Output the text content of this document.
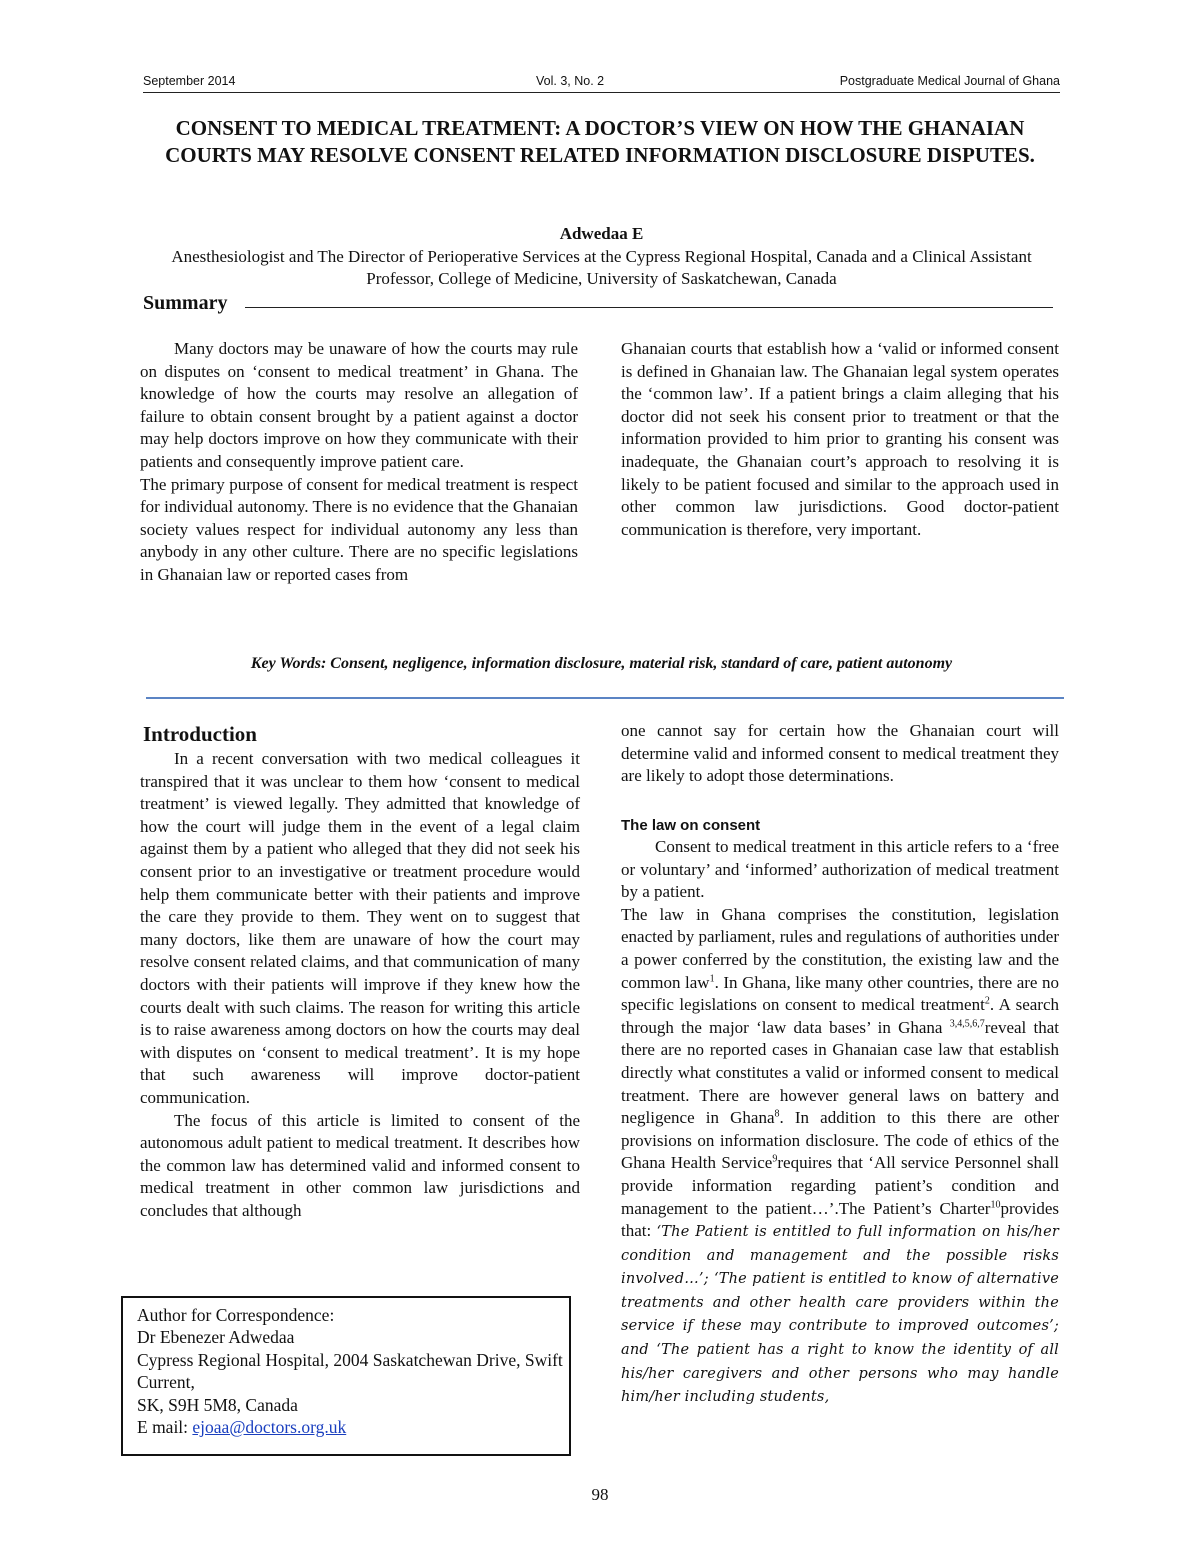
September 2014	Vol. 3, No. 2	Postgraduate Medical Journal of Ghana
CONSENT TO MEDICAL TREATMENT: A DOCTOR’S VIEW ON HOW THE GHANAIAN COURTS MAY RESOLVE CONSENT RELATED INFORMATION DISCLOSURE DISPUTES.
Adwedaa E
Anesthesiologist and The Director of Perioperative Services at the Cypress Regional Hospital, Canada and a Clinical Assistant Professor, College of Medicine, University of Saskatchewan, Canada
Summary

Many doctors may be unaware of how the courts may rule on disputes on ‘consent to medical treatment’ in Ghana. The knowledge of how the courts may resolve an allegation of failure to obtain consent brought by a patient against a doctor may help doctors improve on how they communicate with their patients and consequently improve patient care.

The primary purpose of consent for medical treatment is respect for individual autonomy. There is no evidence that the Ghanaian society values respect for individual autonomy any less than anybody in any other culture. There are no specific legislations in Ghanaian law or reported cases from

Ghanaian courts that establish how a ‘valid or informed consent is defined in Ghanaian law. The Ghanaian legal system operates the ‘common law’. If a patient brings a claim alleging that his doctor did not seek his consent prior to treatment or that the information provided to him prior to granting his consent was inadequate, the Ghanaian court’s approach to resolving it is likely to be patient focused and similar to the approach used in other common law jurisdictions. Good doctor-patient communication is therefore, very important.

Key Words: Consent, negligence, information disclosure, material risk, standard of care, patient autonomy
Introduction

In a recent conversation with two medical colleagues it transpired that it was unclear to them how ‘consent to medical treatment’ is viewed legally. They admitted that knowledge of how the court will judge them in the event of a legal claim against them by a patient who alleged that they did not seek his consent prior to an investigative or treatment procedure would help them communicate better with their patients and improve the care they provide to them. They went on to suggest that many doctors, like them are unaware of how the court may resolve consent related claims, and that communication of many doctors with their patients will improve if they knew how the courts dealt with such claims. The reason for writing this article is to raise awareness among doctors on how the courts may deal with disputes on ‘consent to medical treatment’. It is my hope that such awareness will improve doctor-patient communication.

The focus of this article is limited to consent of the autonomous adult patient to medical treatment. It describes how the common law has determined valid and informed consent to medical treatment in other common law jurisdictions and concludes that although

one cannot say for certain how the Ghanaian court will determine valid and informed consent to medical treatment they are likely to adopt those determinations.

The law on consent

Consent to medical treatment in this article refers to a ‘free or voluntary’ and ‘informed’ authorization of medical treatment by a patient.

The law in Ghana comprises the constitution, legislation enacted by parliament, rules and regulations of authorities under a power conferred by the constitution, the existing law and the common law$^1$. In Ghana, like many other countries, there are no specific legislations on consent to medical treatment$^2$. A search through the major ‘law data bases’ in Ghana $^{3,4,5,6,7}$reveal that there are no reported cases in Ghanaian case law that establish directly what constitutes a valid or informed consent to medical treatment. There are however general laws on battery and negligence in Ghana$^8$. In addition to this there are other provisions on information disclosure. The code of ethics of the Ghana Health Service$^9$requires that ‘All service Personnel shall provide information regarding patient’s condition and management to the patient…’.The Patient’s Charter$^{10}$provides that: ‘The Patient is entitled to full information on his/her condition and management and the possible risks involved…’; ‘The patient is entitled to know of alternative treatments and other health care providers within the service if these may contribute to improved outcomes’; and ‘The patient has a right to know the identity of all his/her caregivers and other persons who may handle him/her including students,

Author for Correspondence:
Dr Ebenezer Adwedaa
Cypress Regional Hospital, 2004 Saskatchewan Drive, Swift Current,
SK, S9H 5M8, Canada
E mail: ejoaa@doctors.org.uk
98
